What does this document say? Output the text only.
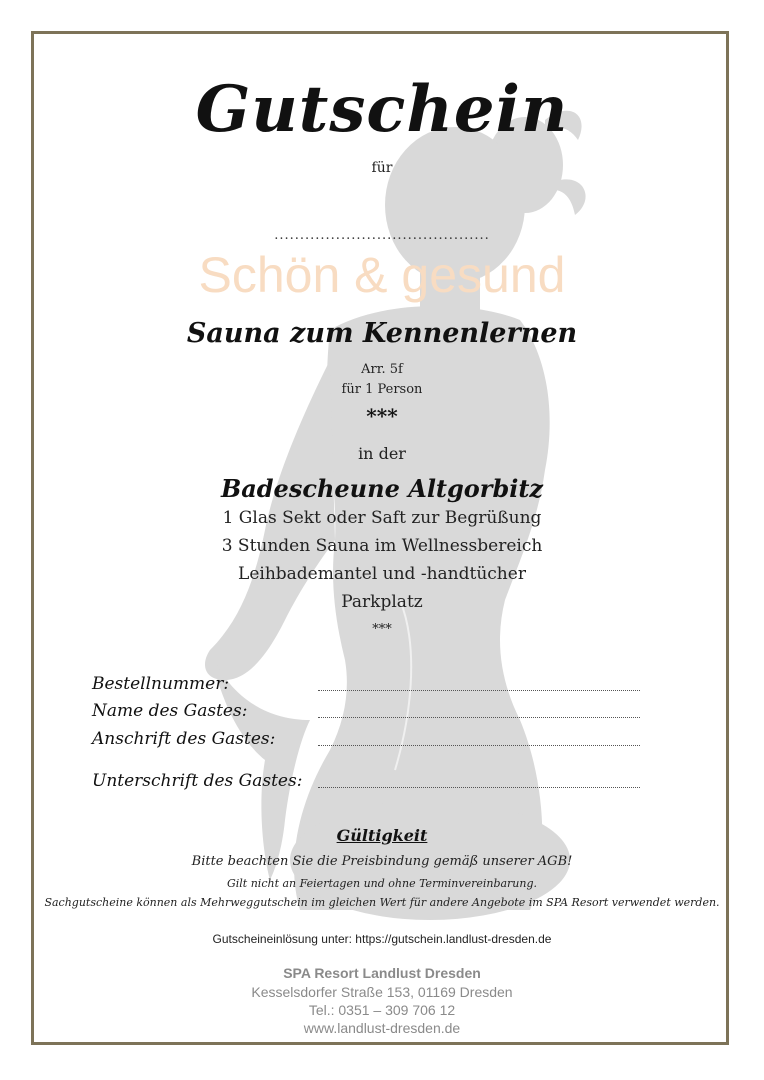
Gutschein
für
..........................................
Schön & gesund
Sauna zum Kennenlernen
Arr. 5f
für 1 Person
***
in der
Badescheune Altgorbitz
1 Glas Sekt oder Saft zur Begrüßung
3 Stunden Sauna im Wellnessbereich
Leihbademantel und -handtücher
Parkplatz
***
Bestellnummer:
Name des Gastes:
Anschrift des Gastes:
Unterschrift des Gastes:
Gültigkeit
Bitte beachten Sie die Preisbindung gemäß unserer AGB!
Gilt nicht an Feiertagen und ohne Terminvereinbarung.
Sachgutscheine können als Mehrweggutschein im gleichen Wert für andere Angebote im SPA Resort verwendet werden.
Gutscheineinlösung unter: https://gutschein.landlust-dresden.de
SPA Resort Landlust Dresden
Kesselsdorfer Straße 153, 01169 Dresden
Tel.: 0351 – 309 706 12
www.landlust-dresden.de
